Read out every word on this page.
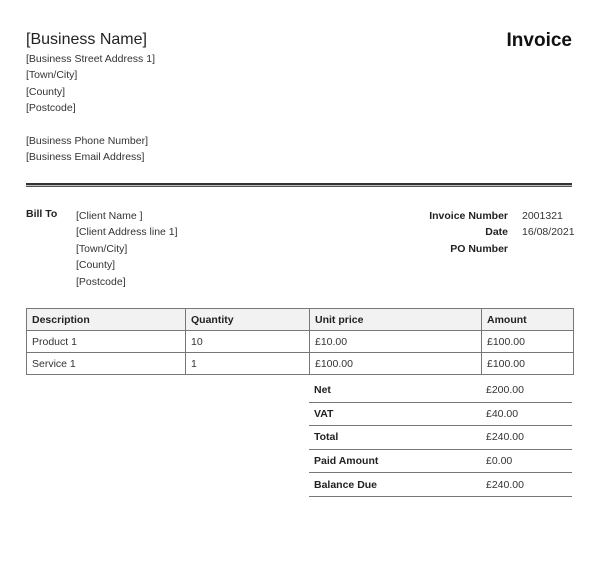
[Business Name]
[Business Street Address 1]
[Town/City]
[County]
[Postcode]
[Business Phone Number]
[Business Email Address]
Invoice
Bill To [Client Name ]
[Client Address line 1]
[Town/City]
[County]
[Postcode]
Invoice Number	2001321
Date	16/08/2021
PO Number
Description	Quantity	Unit price	Amount
Product 1	10	£10.00	£100.00
Service 1	1	£100.00	£100.00
Net	£200.00
VAT	£40.00
Total	£240.00
Paid Amount	£0.00
Balance Due	£240.00
